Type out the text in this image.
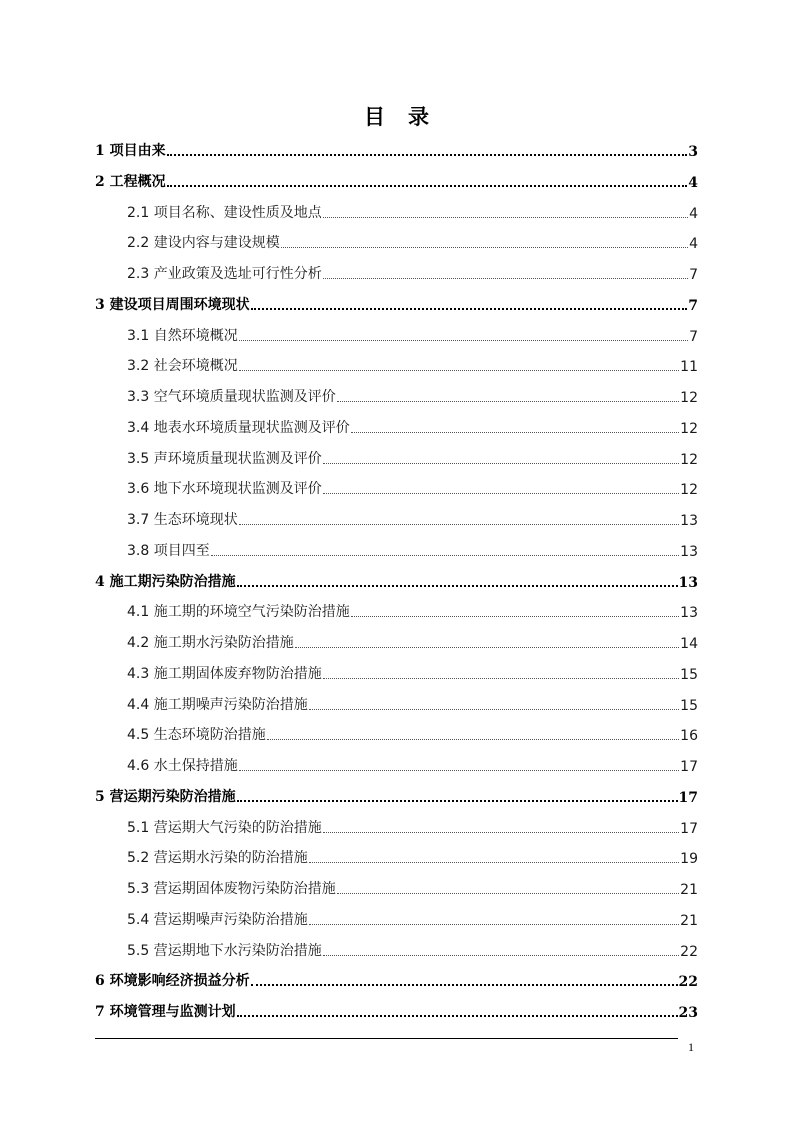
目　录
1 项目由来	3
2 工程概况	4
2.1 项目名称、建设性质及地点	4
2.2 建设内容与建设规模	4
2.3 产业政策及选址可行性分析	7
3 建设项目周围环境现状	7
3.1 自然环境概况	7
3.2 社会环境概况	11
3.3 空气环境质量现状监测及评价	12
3.4 地表水环境质量现状监测及评价	12
3.5 声环境质量现状监测及评价	12
3.6 地下水环境现状监测及评价	12
3.7 生态环境现状	13
3.8 项目四至	13
4 施工期污染防治措施	13
4.1 施工期的环境空气污染防治措施	13
4.2 施工期水污染防治措施	14
4.3 施工期固体废弃物防治措施	15
4.4 施工期噪声污染防治措施	15
4.5 生态环境防治措施	16
4.6 水土保持措施	17
5 营运期污染防治措施	17
5.1 营运期大气污染的防治措施	17
5.2 营运期水污染的防治措施	19
5.3 营运期固体废物污染防治措施	21
5.4 营运期噪声污染防治措施	21
5.5 营运期地下水污染防治措施	22
6 环境影响经济损益分析	22
7 环境管理与监测计划	23
1
